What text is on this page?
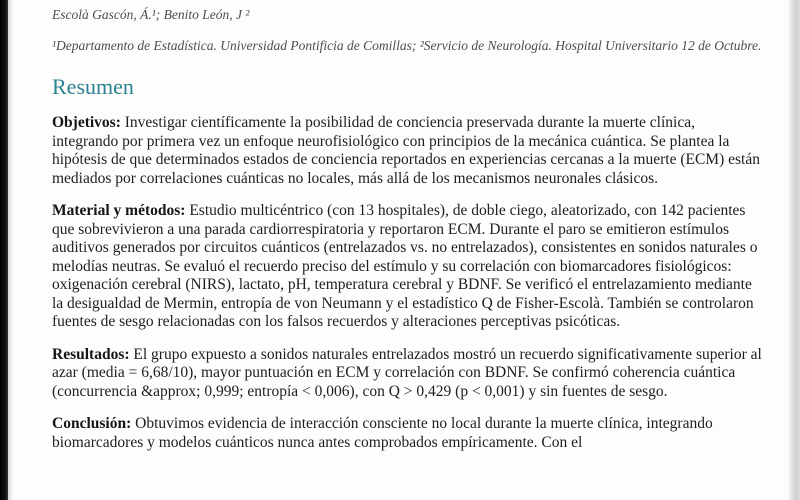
Escolà Gascón, Á.¹; Benito León, J ²

¹Departamento de Estadística. Universidad Pontificia de Comillas; ²Servicio de Neurología. Hospital Universitario 12 de Octubre.

Resumen

Objetivos: Investigar científicamente la posibilidad de conciencia preservada durante la muerte clínica, integrando por primera vez un enfoque neurofisiológico con principios de la mecánica cuántica. Se plantea la hipótesis de que determinados estados de conciencia reportados en experiencias cercanas a la muerte (ECM) están mediados por correlaciones cuánticas no locales, más allá de los mecanismos neuronales clásicos.

Material y métodos: Estudio multicéntrico (con 13 hospitales), de doble ciego, aleatorizado, con 142 pacientes que sobrevivieron a una parada cardiorrespiratoria y reportaron ECM. Durante el paro se emitieron estímulos auditivos generados por circuitos cuánticos (entrelazados vs. no entrelazados), consistentes en sonidos naturales o melodías neutras. Se evaluó el recuerdo preciso del estímulo y su correlación con biomarcadores fisiológicos: oxigenación cerebral (NIRS), lactato, pH, temperatura cerebral y BDNF. Se verificó el entrelazamiento mediante la desigualdad de Mermin, entropía de von Neumann y el estadístico Q de Fisher-Escolà. También se controlaron fuentes de sesgo relacionadas con los falsos recuerdos y alteraciones perceptivas psicóticas.

Resultados: El grupo expuesto a sonidos naturales entrelazados mostró un recuerdo significativamente superior al azar (media = 6,68/10), mayor puntuación en ECM y correlación con BDNF. Se confirmó coherencia cuántica (concurrencia &approx; 0,999; entropía < 0,006), con Q > 0,429 (p < 0,001) y sin fuentes de sesgo.

Conclusión: Obtuvimos evidencia de interacción consciente no local durante la muerte clínica, integrando biomarcadores y modelos cuánticos nunca antes comprobados empíricamente. Con el
